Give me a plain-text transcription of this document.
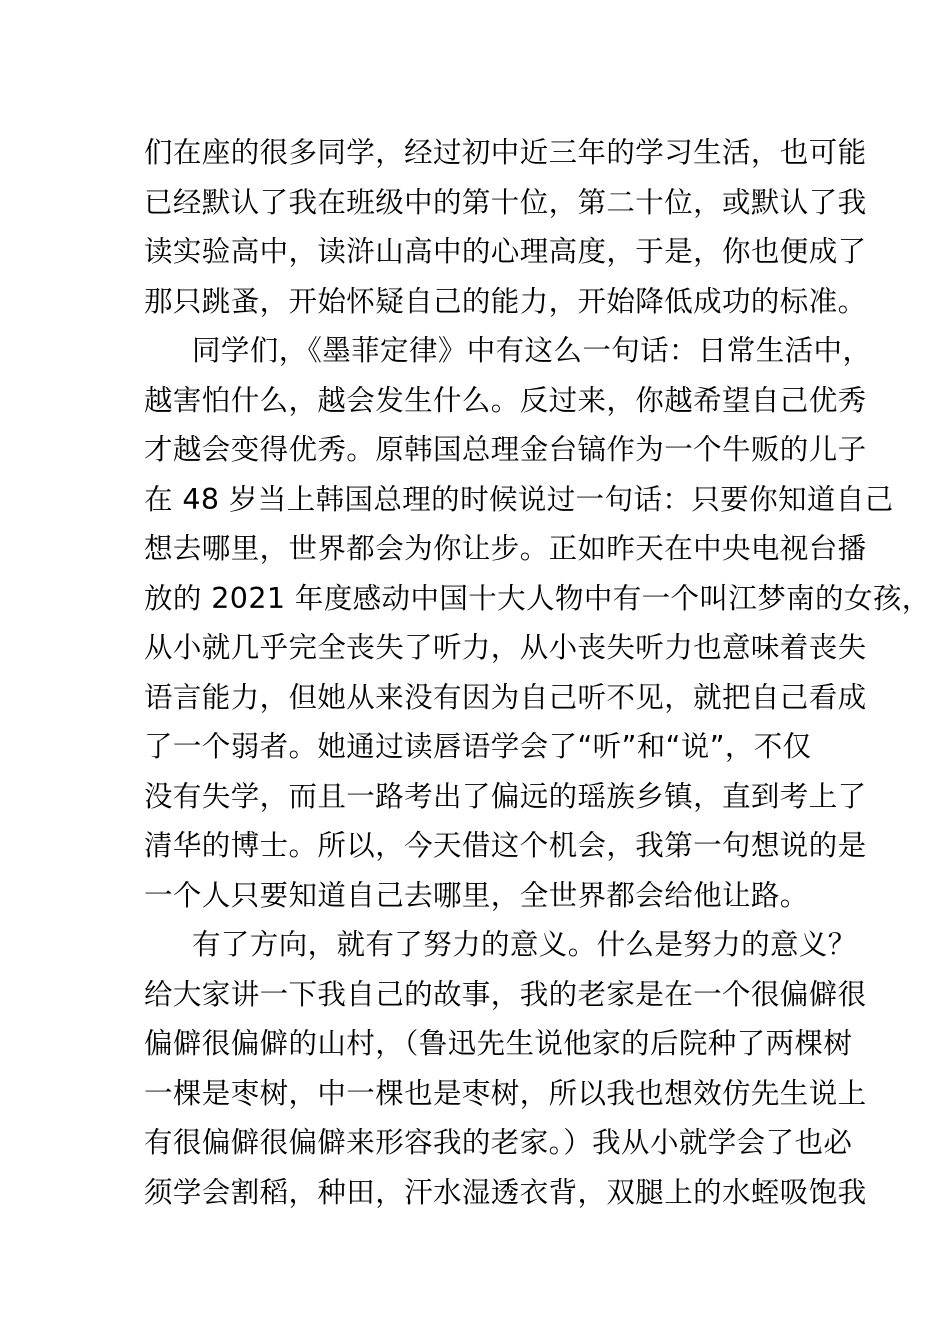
们在座的很多同学，经过初中近三年的学习生活，也可能
已经默认了我在班级中的第十位，第二十位，或默认了我
读实验高中，读浒山高中的心理高度，于是，你也便成了
那只跳蚤，开始怀疑自己的能力，开始降低成功的标准。
同学们，《墨菲定律》中有这么一句话：日常生活中，
越害怕什么，越会发生什么。反过来，你越希望自己优秀
才越会变得优秀。原韩国总理金台镐作为一个牛贩的儿子
在 48 岁当上韩国总理的时候说过一句话：只要你知道自己
想去哪里，世界都会为你让步。正如昨天在中央电视台播
放的 2021 年度感动中国十大人物中有一个叫江梦南的女孩，
从小就几乎完全丧失了听力，从小丧失听力也意味着丧失
语言能力，但她从来没有因为自己听不见，就把自己看成
了一个弱者。她通过读唇语学会了“听”和“说”，不仅
没有失学，而且一路考出了偏远的瑶族乡镇，直到考上了
清华的博士。所以，今天借这个机会，我第一句想说的是
一个人只要知道自己去哪里，全世界都会给他让路。
有了方向，就有了努力的意义。什么是努力的意义？
给大家讲一下我自己的故事，我的老家是在一个很偏僻很
偏僻很偏僻的山村，（鲁迅先生说他家的后院种了两棵树
一棵是枣树，中一棵也是枣树，所以我也想效仿先生说上
有很偏僻很偏僻来形容我的老家。）我从小就学会了也必
须学会割稻，种田，汗水湿透衣背，双腿上的水蛭吸饱我
